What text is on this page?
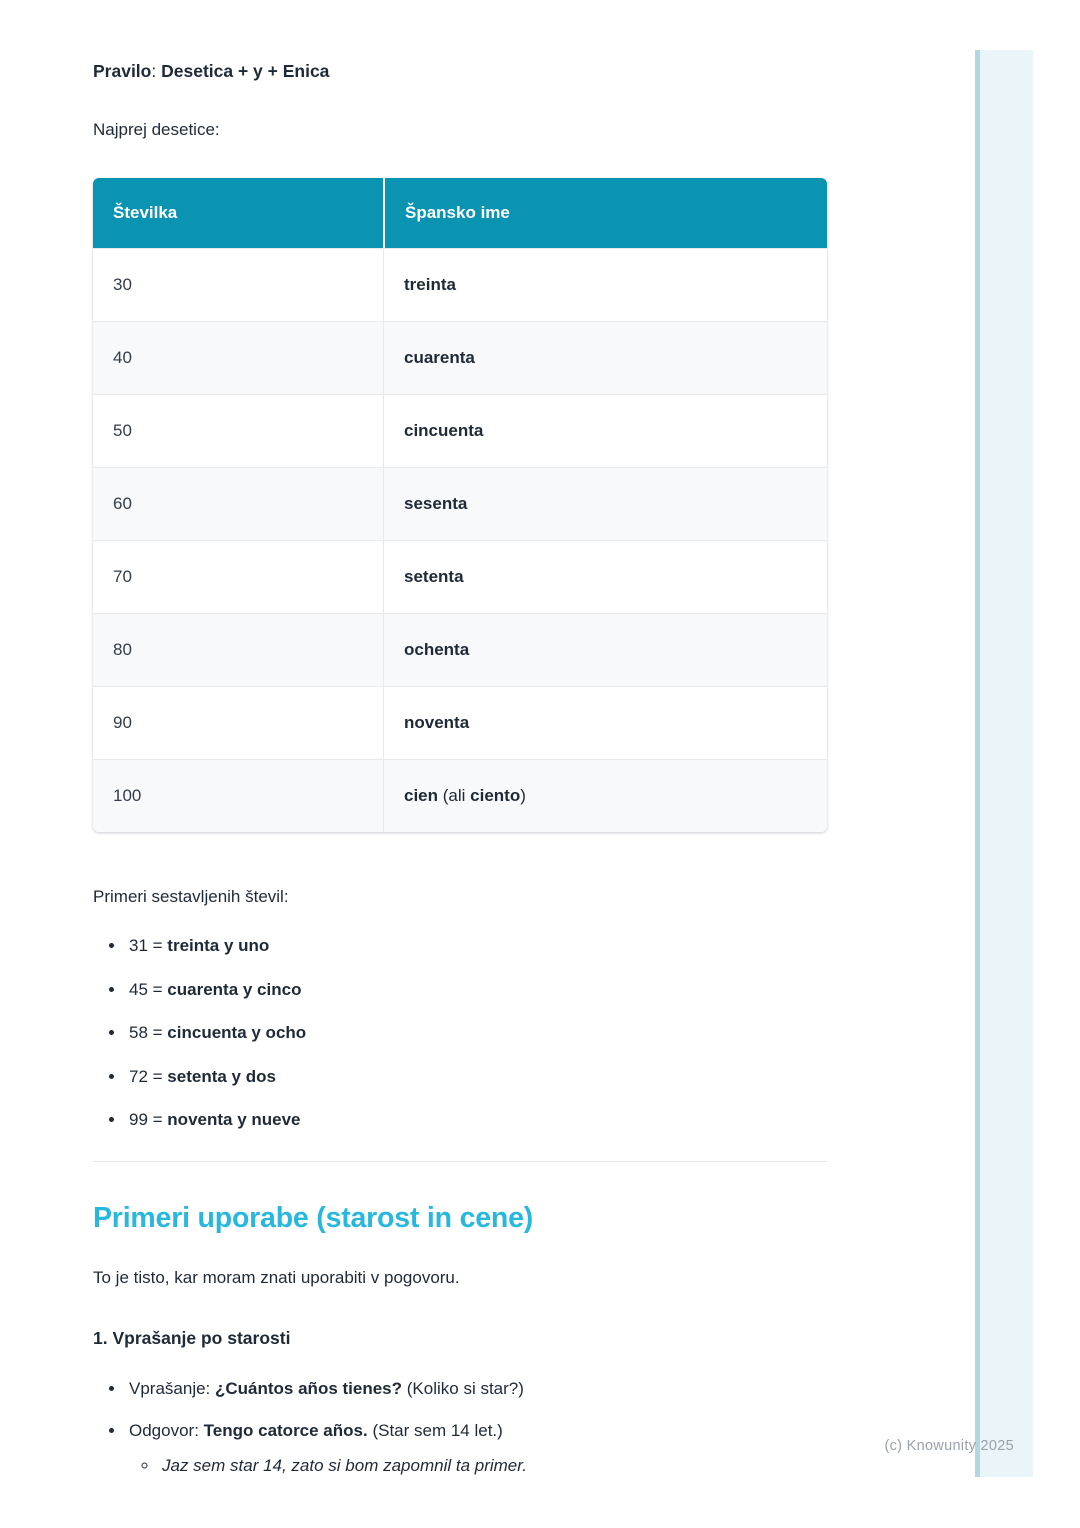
(c) Knowunity 2025

Pravilo: Desetica + y + Enica

Najprej desetice:

Številka	Špansko ime
30	treinta
40	cuarenta
50	cincuenta
60	sesenta
70	setenta
80	ochenta
90	noventa
100	cien (ali ciento)

Primeri sestavljenih števil:

• 31 = treinta y uno
• 45 = cuarenta y cinco
• 58 = cincuenta y ocho
• 72 = setenta y dos
• 99 = noventa y nueve
Primeri uporabe (starost in cene)

To je tisto, kar moram znati uporabiti v pogovoru.

1. Vprašanje po starosti

• Vprašanje: ¿Cuántos años tienes? (Koliko si star?)
• Odgovor: Tengo catorce años. (Star sem 14 let.)
◦ Jaz sem star 14, zato si bom zapomnil ta primer.
